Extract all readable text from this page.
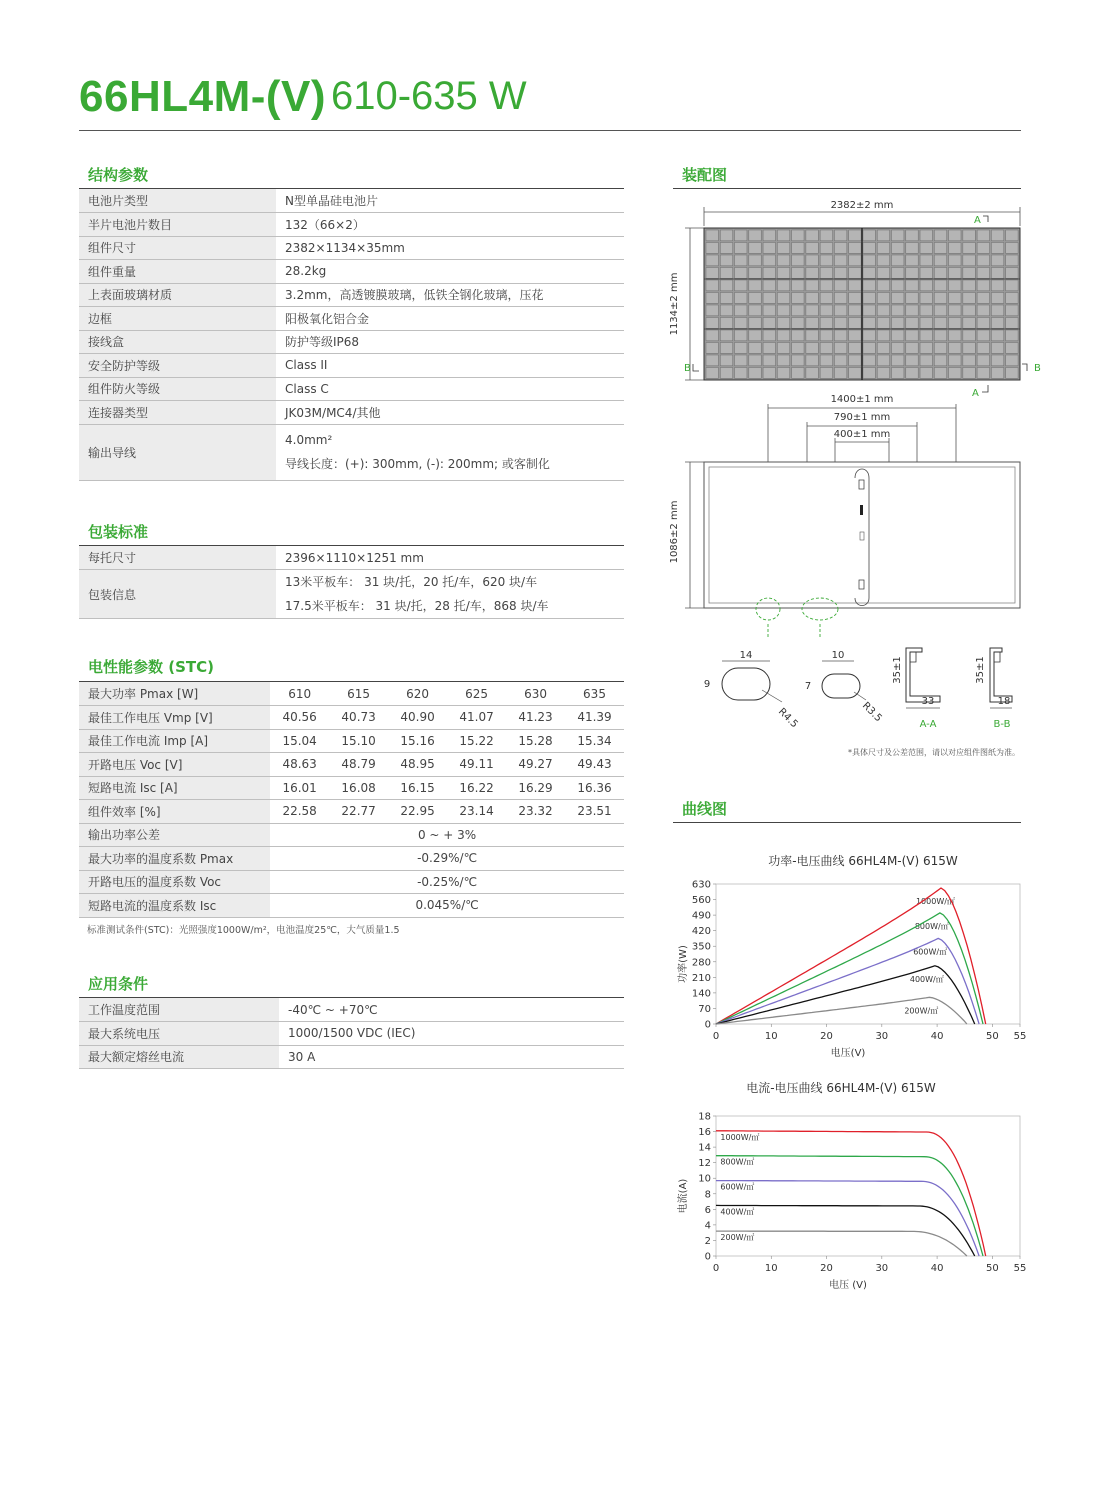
66HL4M-(V) 610-635 W
结构参数
电池片类型	N型单晶硅电池片
半片电池片数目	132（66×2）
组件尺寸	2382×1134×35mm
组件重量	28.2kg
上表面玻璃材质	3.2mm，高透镀膜玻璃，低铁全钢化玻璃，压花
边框	阳极氧化铝合金
接线盒	防护等级IP68
安全防护等级	Class II
组件防火等级	Class C
连接器类型	JK03M/MC4/其他
输出导线	4.0mm²
导线长度：(+): 300mm, (-): 200mm; 或客制化
包装标准
每托尺寸	2396×1110×1251 mm
包装信息	13米平板车： 31 块/托，20 托/车，620 块/车
17.5米平板车： 31 块/托，28 托/车，868 块/车
电性能参数 (STC)
最大功率 Pmax [W]	610	615	620	625	630	635
最佳工作电压 Vmp [V]	40.56	40.73	40.90	41.07	41.23	41.39
最佳工作电流 Imp [A]	15.04	15.10	15.16	15.22	15.28	15.34
开路电压 Voc [V]	48.63	48.79	48.95	49.11	49.27	49.43
短路电流 Isc [A]	16.01	16.08	16.15	16.22	16.29	16.36
组件效率 [%]	22.58	22.77	22.95	23.14	23.32	23.51
输出功率公差	0 ~ + 3%					
最大功率的温度系数 Pmax	-0.29%/℃					
开路电压的温度系数 Voc	-0.25%/℃					
短路电流的温度系数 Isc	0.045%/℃					
标准测试条件(STC)：光照强度1000W/m²，电池温度25℃，大气质量1.5
应用条件
工作温度范围	-40℃ ~ +70℃
最大系统电压	1000/1500 VDC (IEC)
最大额定熔丝电流	30 A
装配图
2382±2 mm
A
1134±2 mm
B	B
A
1400±1 mm
790±1 mm
400±1 mm
1086±2 mm
14
9
R4.5
10
7
R3.5
35±1
33
A-A
35±1
18
B-B
*具体尺寸及公差范围，请以对应组件图纸为准。
曲线图
功率-电压曲线 66HL4M-(V) 615W
0
70
140
210
280
350
420
490
560
630
0	10	20	30	40	50 55
电压(V)
功率(W)
1000W/㎡
800W/㎡
600W/㎡
400W/㎡
200W/㎡
电流-电压曲线 66HL4M-(V) 615W
0
2
4
6
8
10
12
14
16
18
0	10	20	30	40	50 55
电压 (V)
电流(A)
1000W/㎡
800W/㎡
600W/㎡
400W/㎡
200W/㎡
